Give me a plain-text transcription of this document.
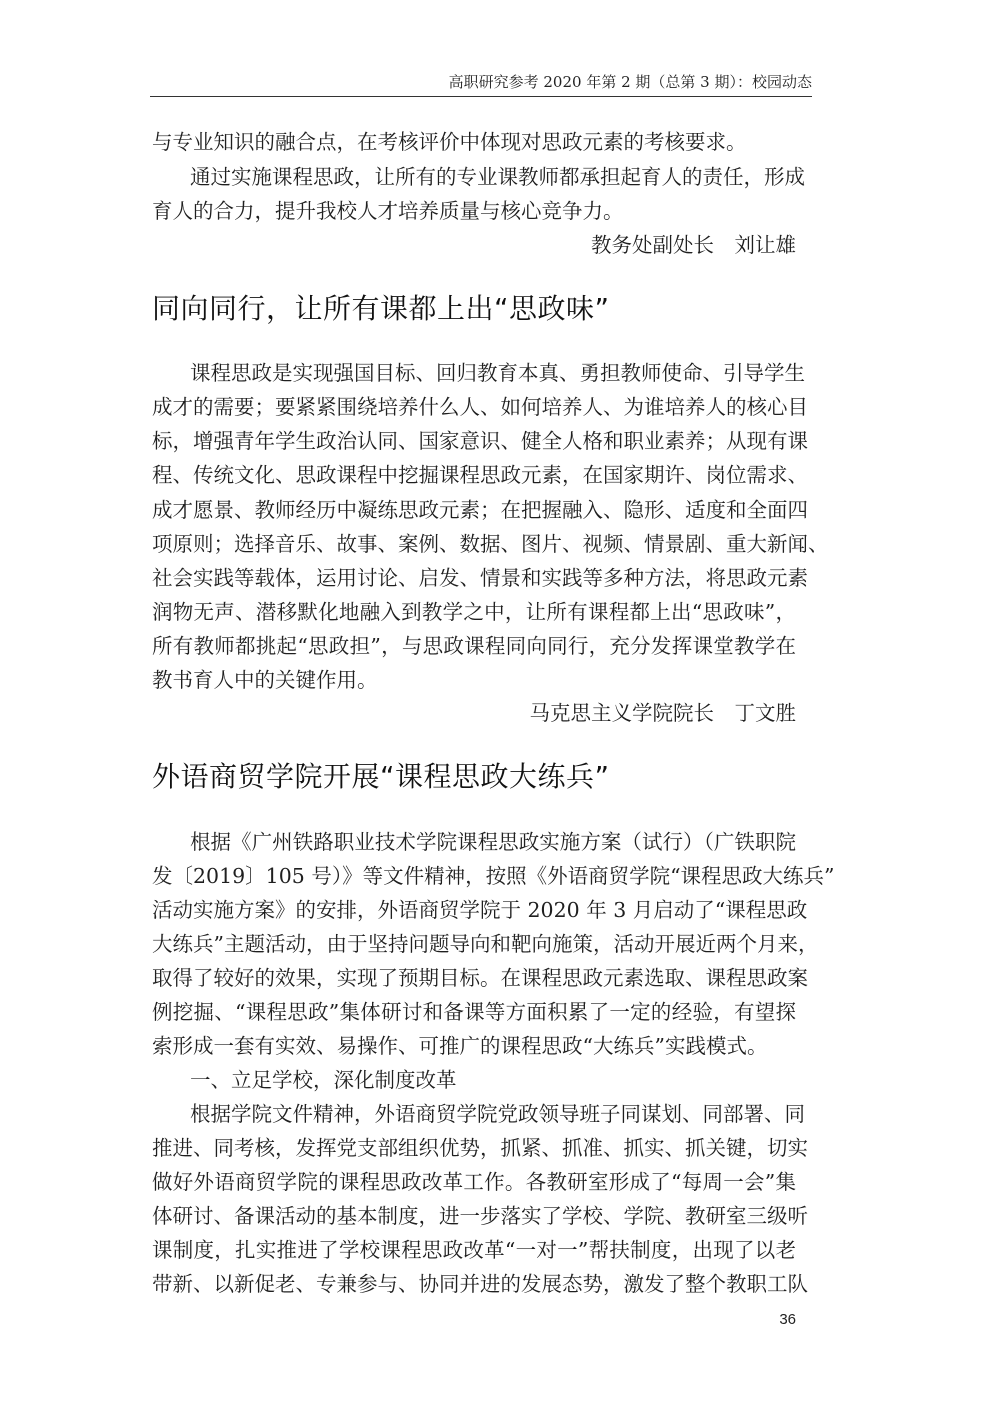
高职研究参考 2020 年第 2 期（总第 3 期）：校园动态
与专业知识的融合点，在考核评价中体现对思政元素的考核要求。
通过实施课程思政，让所有的专业课教师都承担起育人的责任，形成
育人的合力，提升我校人才培养质量与核心竞争力。
教务处副处长　刘让雄
同向同行，让所有课都上出“思政味”
课程思政是实现强国目标、回归教育本真、勇担教师使命、引导学生
成才的需要；要紧紧围绕培养什么人、如何培养人、为谁培养人的核心目
标，增强青年学生政治认同、国家意识、健全人格和职业素养；从现有课
程、传统文化、思政课程中挖掘课程思政元素，在国家期许、岗位需求、
成才愿景、教师经历中凝练思政元素；在把握融入、隐形、适度和全面四
项原则；选择音乐、故事、案例、数据、图片、视频、情景剧、重大新闻、
社会实践等载体，运用讨论、启发、情景和实践等多种方法，将思政元素
润物无声、潜移默化地融入到教学之中，让所有课程都上出“思政味”，
所有教师都挑起“思政担”，与思政课程同向同行，充分发挥课堂教学在
教书育人中的关键作用。
马克思主义学院院长　丁文胜
外语商贸学院开展“课程思政大练兵”
根据《广州铁路职业技术学院课程思政实施方案（试行）（广铁职院
发〔2019〕105 号）》等文件精神，按照《外语商贸学院“课程思政大练兵”
活动实施方案》的安排，外语商贸学院于 2020 年 3 月启动了“课程思政
大练兵”主题活动，由于坚持问题导向和靶向施策，活动开展近两个月来，
取得了较好的效果，实现了预期目标。在课程思政元素选取、课程思政案
例挖掘、“课程思政”集体研讨和备课等方面积累了一定的经验，有望探
索形成一套有实效、易操作、可推广的课程思政“大练兵”实践模式。
一、立足学校，深化制度改革
根据学院文件精神，外语商贸学院党政领导班子同谋划、同部署、同
推进、同考核，发挥党支部组织优势，抓紧、抓准、抓实、抓关键，切实
做好外语商贸学院的课程思政改革工作。各教研室形成了“每周一会”集
体研讨、备课活动的基本制度，进一步落实了学校、学院、教研室三级听
课制度，扎实推进了学校课程思政改革“一对一”帮扶制度，出现了以老
带新、以新促老、专兼参与、协同并进的发展态势，激发了整个教职工队
36
